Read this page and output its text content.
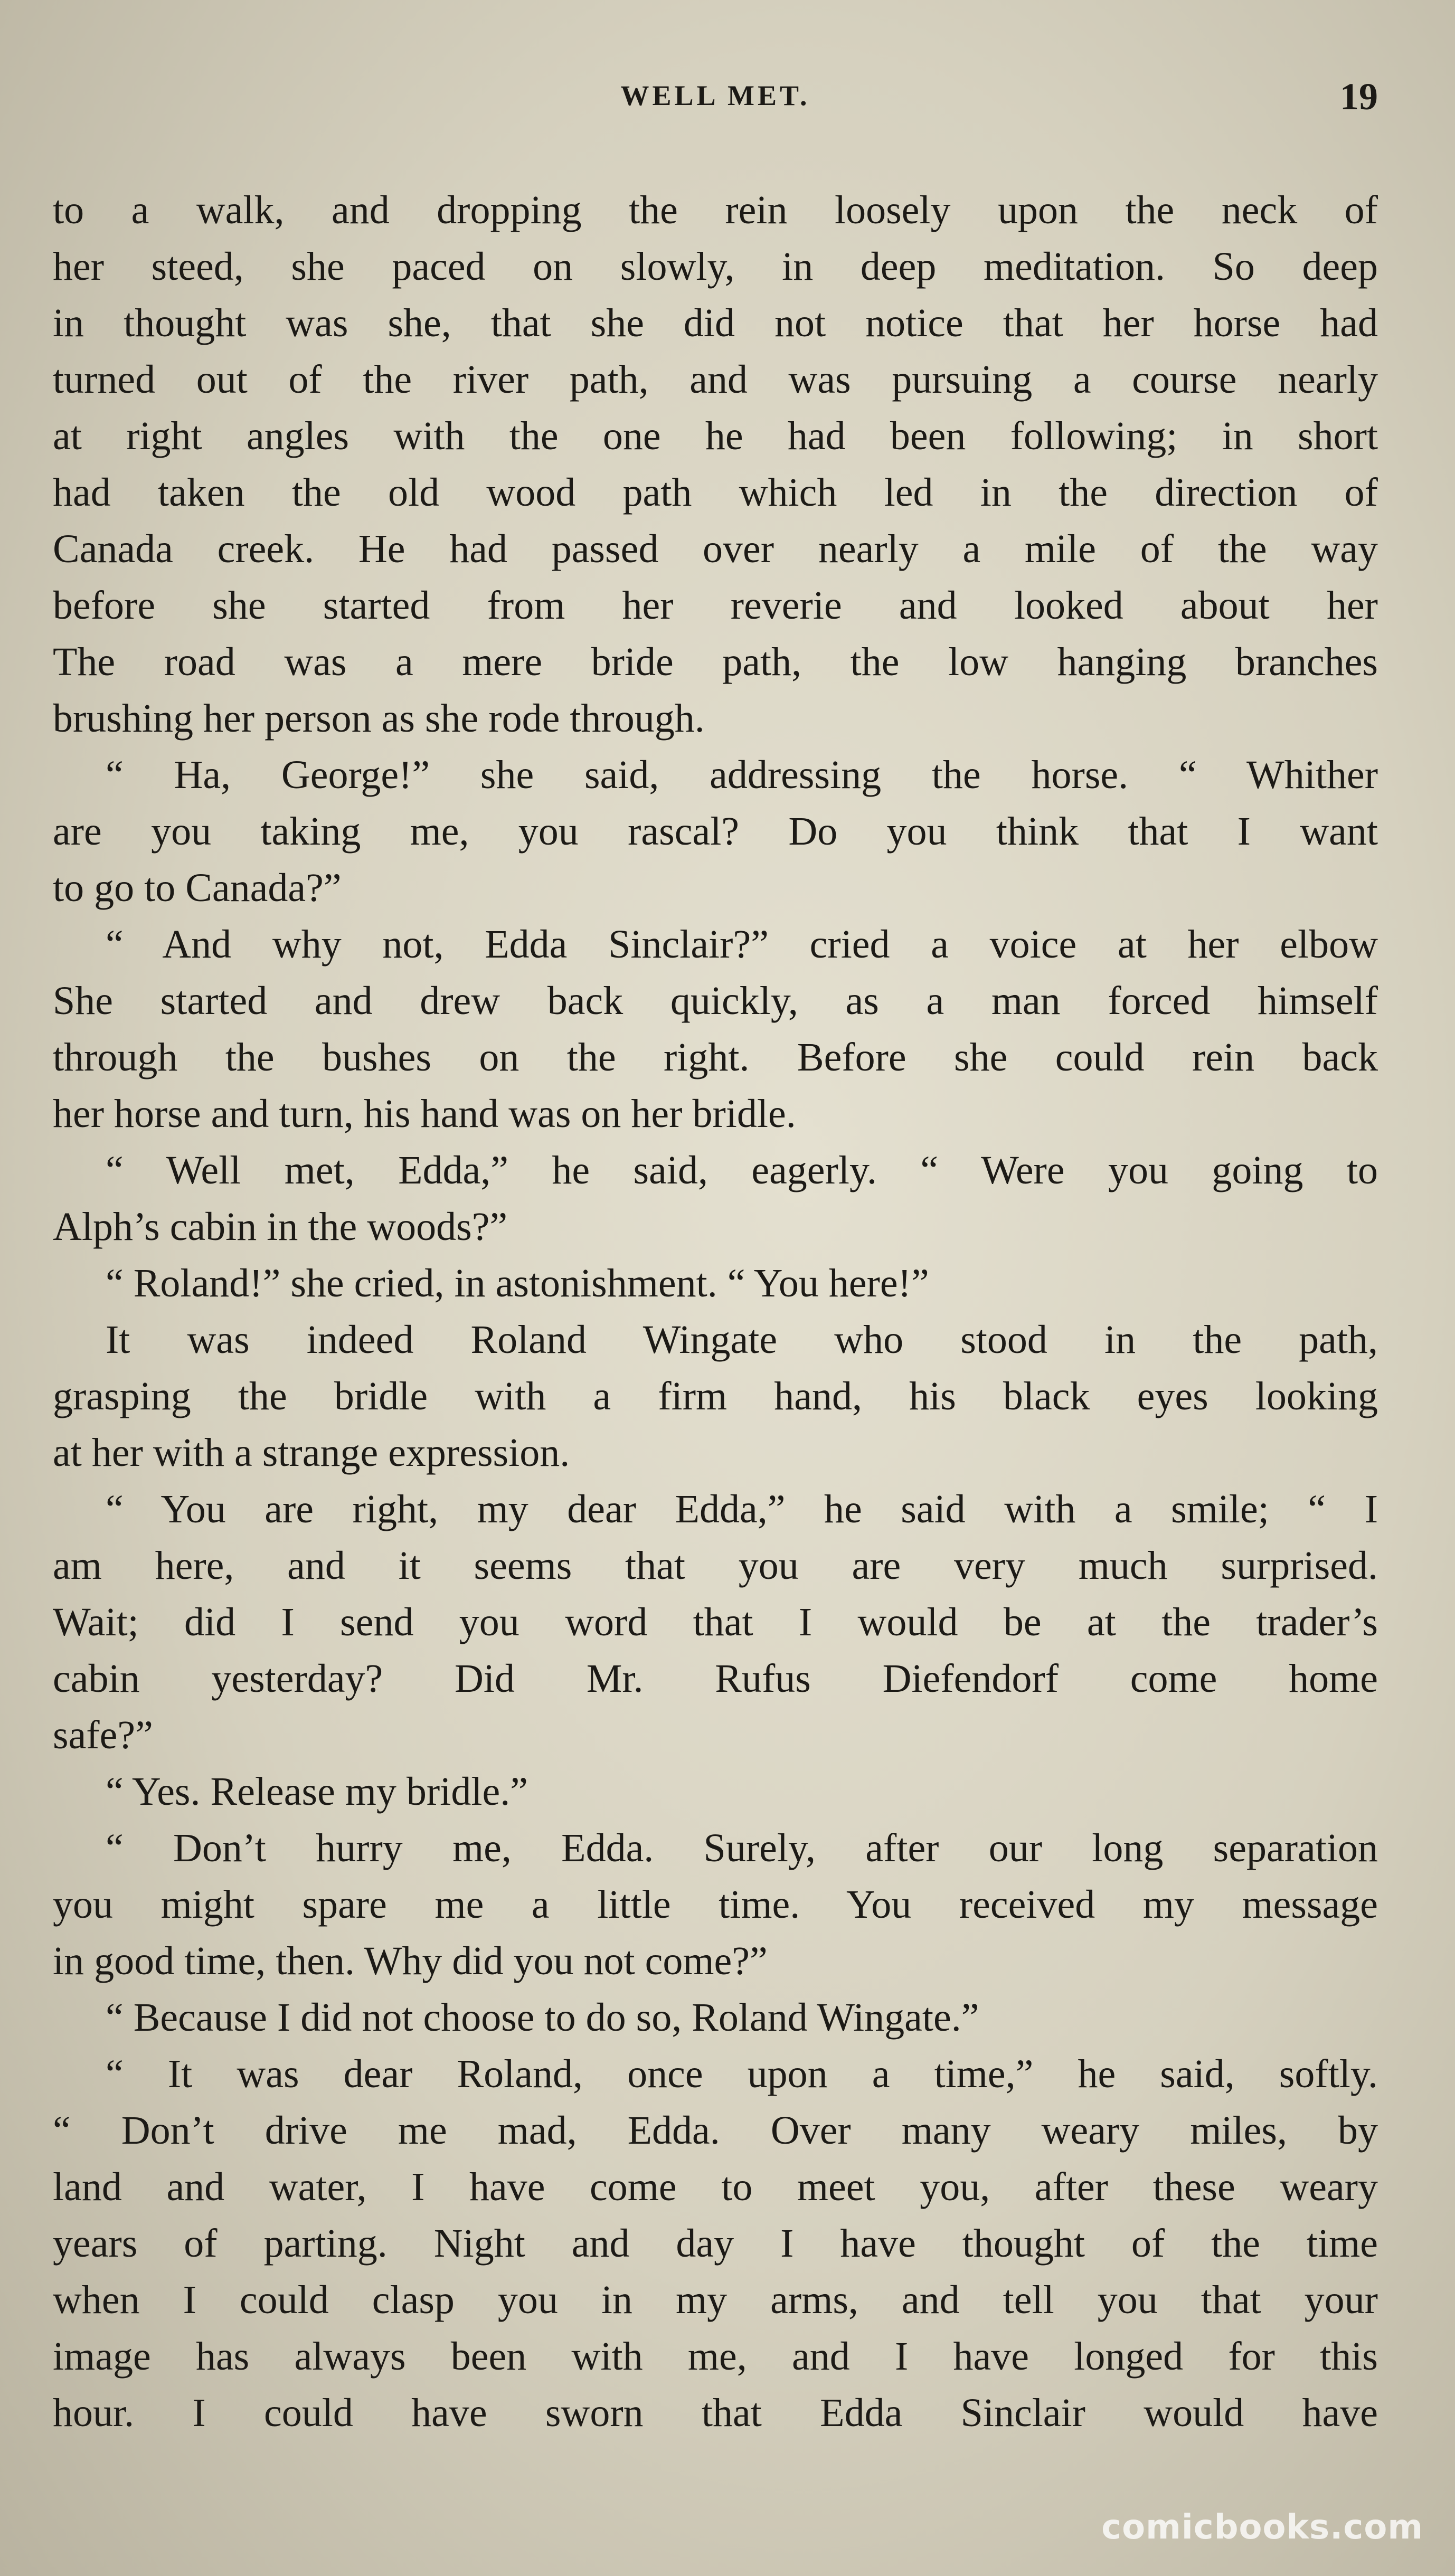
WELL MET.	19
to a walk, and dropping the rein loosely upon the neck of
her steed, she paced on slowly, in deep meditation. So deep
in thought was she, that she did not notice that her horse had
turned out of the river path, and was pursuing a course nearly
at right angles with the one he had been following; in short
had taken the old wood path which led in the direction of
Canada creek. He had passed over nearly a mile of the way
before she started from her reverie and looked about her
The road was a mere bride path, the low hanging branches
brushing her person as she rode through.
“ Ha, George!” she said, addressing the horse. “ Whither
are you taking me, you rascal? Do you think that I want
to go to Canada?”
“ And why not, Edda Sinclair?” cried a voice at her elbow
She started and drew back quickly, as a man forced himself
through the bushes on the right. Before she could rein back
her horse and turn, his hand was on her bridle.
“ Well met, Edda,” he said, eagerly. “ Were you going to
Alph’s cabin in the woods?”
“ Roland!” she cried, in astonishment. “ You here!”
It was indeed Roland Wingate who stood in the path,
grasping the bridle with a firm hand, his black eyes looking
at her with a strange expression.
“ You are right, my dear Edda,” he said with a smile; “ I
am here, and it seems that you are very much surprised.
Wait; did I send you word that I would be at the trader’s
cabin yesterday? Did Mr. Rufus Diefendorf come home
safe?”
“ Yes. Release my bridle.”
“ Don’t hurry me, Edda. Surely, after our long separation
you might spare me a little time. You received my message
in good time, then. Why did you not come?”
“ Because I did not choose to do so, Roland Wingate.”
“ It was dear Roland, once upon a time,” he said, softly.
“ Don’t drive me mad, Edda. Over many weary miles, by
land and water, I have come to meet you, after these weary
years of parting. Night and day I have thought of the time
when I could clasp you in my arms, and tell you that your
image has always been with me, and I have longed for this
hour. I could have sworn that Edda Sinclair would have
comicbooks.com
